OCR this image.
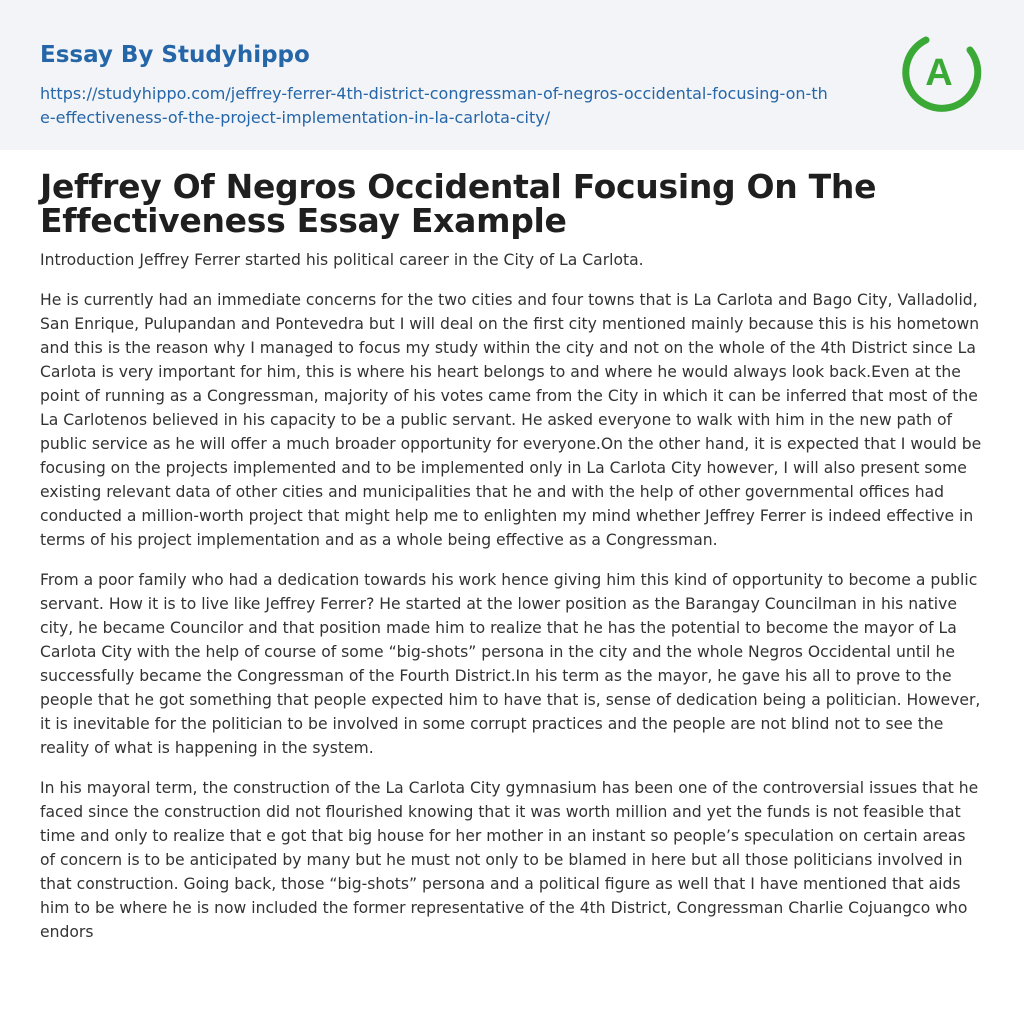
Essay By Studyhippo
https://studyhippo.com/jeffrey-ferrer-4th-district-congressman-of-negros-occidental-focusing-on-the-effectiveness-of-the-project-implementation-in-la-carlota-city/
A
Jeffrey Of Negros Occidental Focusing On The Effectiveness Essay Example

Introduction Jeffrey Ferrer started his political career in the City of La Carlota.

He is currently had an immediate concerns for the two cities and four towns that is La Carlota and Bago City, Valladolid, San Enrique, Pulupandan and Pontevedra but I will deal on the first city mentioned mainly because this is his hometown and this is the reason why I managed to focus my study within the city and not on the whole of the 4th District since La Carlota is very important for him, this is where his heart belongs to and where he would always look back.Even at the point of running as a Congressman, majority of his votes came from the City in which it can be inferred that most of the La Carlotenos believed in his capacity to be a public servant. He asked everyone to walk with him in the new path of public service as he will offer a much broader opportunity for everyone.On the other hand, it is expected that I would be focusing on the projects implemented and to be implemented only in La Carlota City however, I will also present some existing relevant data of other cities and municipalities that he and with the help of other governmental offices had conducted a million-worth project that might help me to enlighten my mind whether Jeffrey Ferrer is indeed effective in terms of his project implementation and as a whole being effective as a Congressman.

From a poor family who had a dedication towards his work hence giving him this kind of opportunity to become a public servant. How it is to live like Jeffrey Ferrer? He started at the lower position as the Barangay Councilman in his native city, he became Councilor and that position made him to realize that he has the potential to become the mayor of La Carlota City with the help of course of some “big-shots” persona in the city and the whole Negros Occidental until he successfully became the Congressman of the Fourth District.In his term as the mayor, he gave his all to prove to the people that he got something that people expected him to have that is, sense of dedication being a politician. However, it is inevitable for the politician to be involved in some corrupt practices and the people are not blind not to see the reality of what is happening in the system.

In his mayoral term, the construction of the La Carlota City gymnasium has been one of the controversial issues that he faced since the construction did not flourished knowing that it was worth million and yet the funds is not feasible that time and only to realize that e got that big house for her mother in an instant so people’s speculation on certain areas of concern is to be anticipated by many but he must not only to be blamed in here but all those politicians involved in that construction. Going back, those “big-shots” persona and a political figure as well that I have mentioned that aids him to be where he is now included the former representative of the 4th District, Congressman Charlie Cojuangco who endors
